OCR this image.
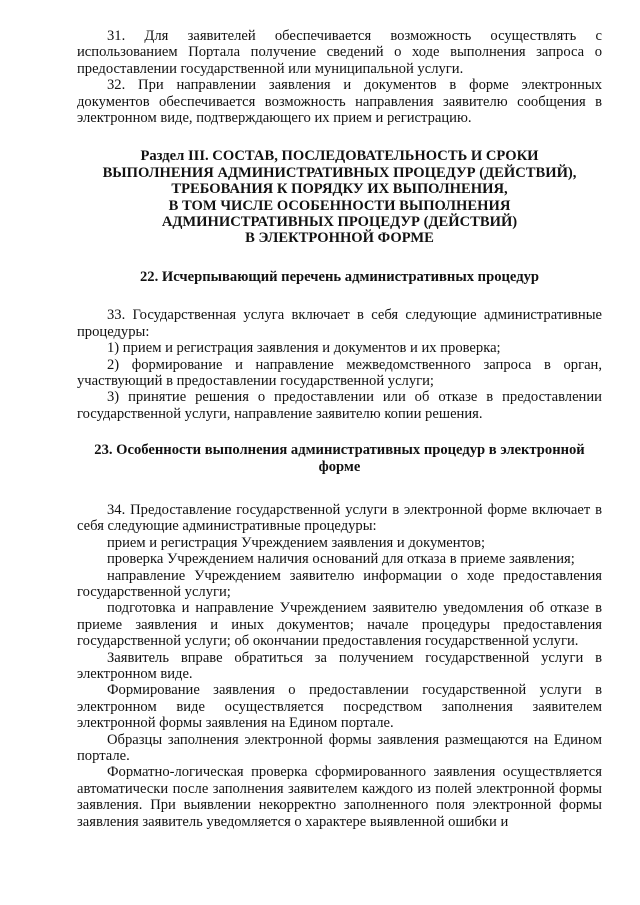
31. Для заявителей обеспечивается возможность осуществлять с использованием Портала получение сведений о ходе выполнения запроса о предоставлении государственной или муниципальной услуги.

32. При направлении заявления и документов в форме электронных документов обеспечивается возможность направления заявителю сообщения в электронном виде, подтверждающего их прием и регистрацию.

Раздел III. СОСТАВ, ПОСЛЕДОВАТЕЛЬНОСТЬ И СРОКИ
ВЫПОЛНЕНИЯ АДМИНИСТРАТИВНЫХ ПРОЦЕДУР (ДЕЙСТВИЙ),
ТРЕБОВАНИЯ К ПОРЯДКУ ИХ ВЫПОЛНЕНИЯ,
В ТОМ ЧИСЛЕ ОСОБЕННОСТИ ВЫПОЛНЕНИЯ
АДМИНИСТРАТИВНЫХ ПРОЦЕДУР (ДЕЙСТВИЙ)
В ЭЛЕКТРОННОЙ ФОРМЕ

22. Исчерпывающий перечень административных процедур

33. Государственная услуга включает в себя следующие административные процедуры:

1) прием и регистрация заявления и документов и их проверка;

2) формирование и направление межведомственного запроса в орган, участвующий в предоставлении государственной услуги;

3) принятие решения о предоставлении или об отказе в предоставлении государственной услуги, направление заявителю копии решения.

23. Особенности выполнения административных процедур в электронной форме

34. Предоставление государственной услуги в электронной форме включает в себя следующие административные процедуры:

прием и регистрация Учреждением заявления и документов;

проверка Учреждением наличия оснований для отказа в приеме заявления;

направление Учреждением заявителю информации о ходе предоставления государственной услуги;

подготовка и направление Учреждением заявителю уведомления об отказе в приеме заявления и иных документов; начале процедуры предоставления государственной услуги; об окончании предоставления государственной услуги.

Заявитель вправе обратиться за получением государственной услуги в электронном виде.

Формирование заявления о предоставлении государственной услуги в электронном виде осуществляется посредством заполнения заявителем электронной формы заявления на Едином портале.

Образцы заполнения электронной формы заявления размещаются на Едином портале.

Форматно-логическая проверка сформированного заявления осуществляется автоматически после заполнения заявителем каждого из полей электронной формы заявления. При выявлении некорректно заполненного поля электронной формы заявления заявитель уведомляется о характере выявленной ошибки и
